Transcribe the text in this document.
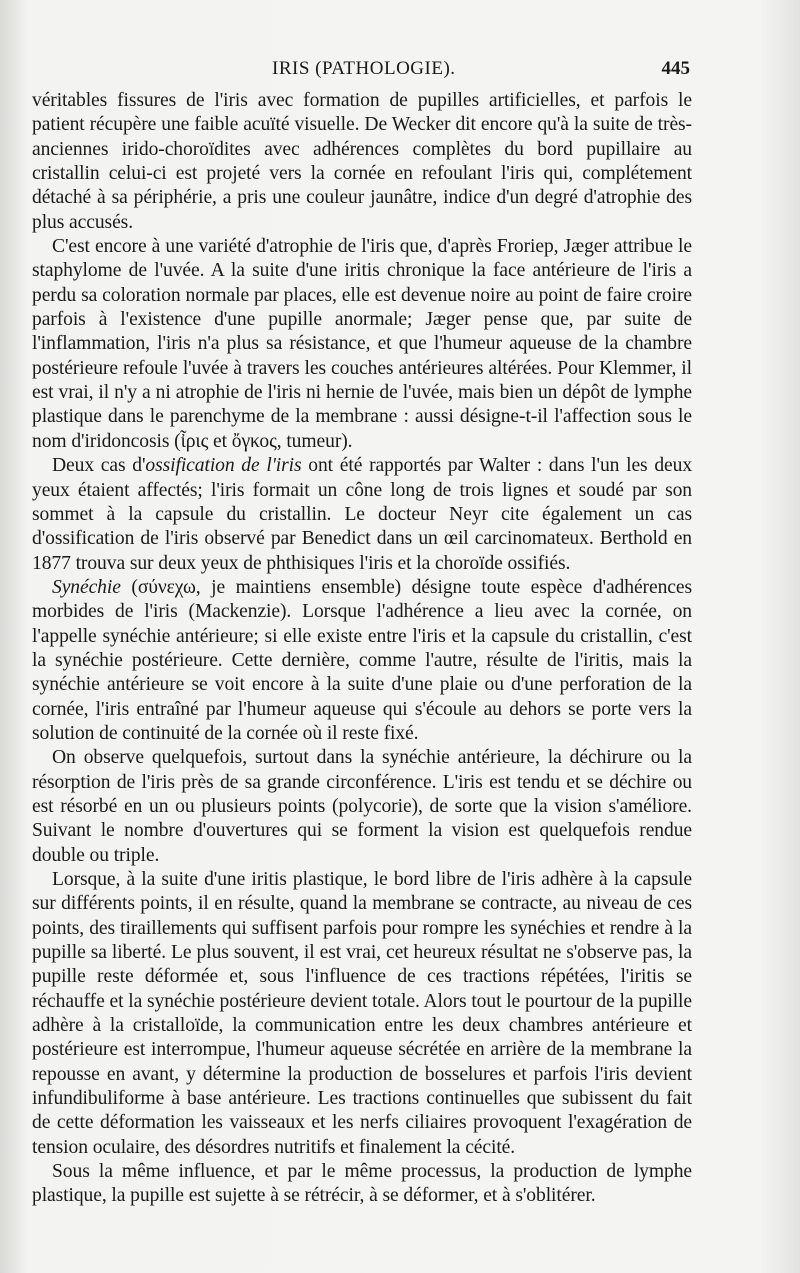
IRIS (PATHOLOGIE).	445

véritables fissures de l'iris avec formation de pupilles artificielles, et parfois le patient récupère une faible acuïté visuelle. De Wecker dit encore qu'à la suite de très-anciennes irido-choroïdites avec adhérences complètes du bord pupillaire au cristallin celui-ci est projeté vers la cornée en refoulant l'iris qui, complétement détaché à sa périphérie, a pris une couleur jaunâtre, indice d'un degré d'atrophie des plus accusés.

C'est encore à une variété d'atrophie de l'iris que, d'après Froriep, Jæger attribue le staphylome de l'uvée. A la suite d'une iritis chronique la face antérieure de l'iris a perdu sa coloration normale par places, elle est devenue noire au point de faire croire parfois à l'existence d'une pupille anormale; Jæger pense que, par suite de l'inflammation, l'iris n'a plus sa résistance, et que l'humeur aqueuse de la chambre postérieure refoule l'uvée à travers les couches antérieures altérées. Pour Klemmer, il est vrai, il n'y a ni atrophie de l'iris ni hernie de l'uvée, mais bien un dépôt de lymphe plastique dans le parenchyme de la membrane : aussi désigne-t-il l'affection sous le nom d'iridoncosis (ἶρις et ὄγκος, tumeur).

Deux cas d'ossification de l'iris ont été rapportés par Walter : dans l'un les deux yeux étaient affectés; l'iris formait un cône long de trois lignes et soudé par son sommet à la capsule du cristallin. Le docteur Neyr cite également un cas d'ossification de l'iris observé par Benedict dans un œil carcinomateux. Berthold en 1877 trouva sur deux yeux de phthisiques l'iris et la choroïde ossifiés.

Synéchie (σύνεχω, je maintiens ensemble) désigne toute espèce d'adhérences morbides de l'iris (Mackenzie). Lorsque l'adhérence a lieu avec la cornée, on l'appelle synéchie antérieure; si elle existe entre l'iris et la capsule du cristallin, c'est la synéchie postérieure. Cette dernière, comme l'autre, résulte de l'iritis, mais la synéchie antérieure se voit encore à la suite d'une plaie ou d'une perforation de la cornée, l'iris entraîné par l'humeur aqueuse qui s'écoule au dehors se porte vers la solution de continuité de la cornée où il reste fixé.

On observe quelquefois, surtout dans la synéchie antérieure, la déchirure ou la résorption de l'iris près de sa grande circonférence. L'iris est tendu et se déchire ou est résorbé en un ou plusieurs points (polycorie), de sorte que la vision s'améliore. Suivant le nombre d'ouvertures qui se forment la vision est quelquefois rendue double ou triple.

Lorsque, à la suite d'une iritis plastique, le bord libre de l'iris adhère à la capsule sur différents points, il en résulte, quand la membrane se contracte, au niveau de ces points, des tiraillements qui suffisent parfois pour rompre les synéchies et rendre à la pupille sa liberté. Le plus souvent, il est vrai, cet heureux résultat ne s'observe pas, la pupille reste déformée et, sous l'influence de ces tractions répétées, l'iritis se réchauffe et la synéchie postérieure devient totale. Alors tout le pourtour de la pupille adhère à la cristalloïde, la communication entre les deux chambres antérieure et postérieure est interrompue, l'humeur aqueuse sécrétée en arrière de la membrane la repousse en avant, y détermine la production de bosselures et parfois l'iris devient infundibuliforme à base antérieure. Les tractions continuelles que subissent du fait de cette déformation les vaisseaux et les nerfs ciliaires provoquent l'exagération de tension oculaire, des désordres nutritifs et finalement la cécité.

Sous la même influence, et par le même processus, la production de lymphe plastique, la pupille est sujette à se rétrécir, à se déformer, et à s'oblitérer.
